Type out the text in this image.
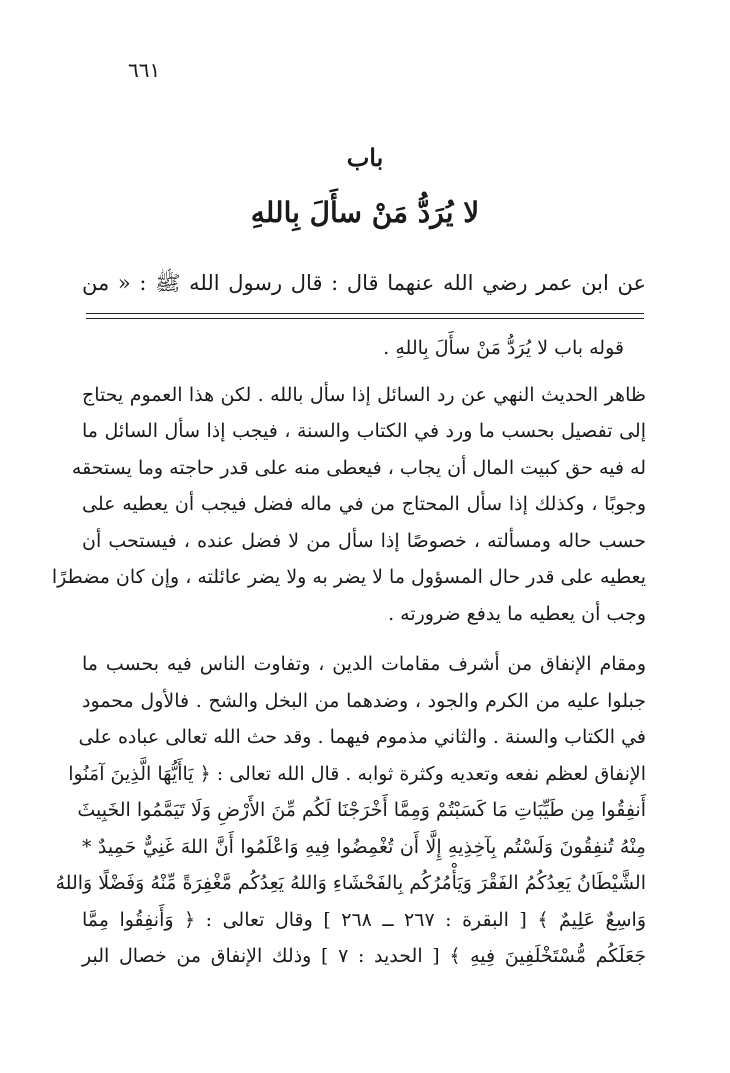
٦٦١
باب
لا يُرَدُّ مَنْ سأَلَ بِاللهِ
عن ابن عمر رضي الله عنهما قال : قال رسول الله ﷺ : « من

قوله باب لا يُرَدُّ مَنْ سأَلَ بِاللهِ .

ظاهر الحديث النهي عن رد السائل إذا سأل بالله . لكن هذا العموم يحتاج
إلى تفصيل بحسب ما ورد في الكتاب والسنة ، فيجب إذا سأل السائل ما
له فيه حق كبيت المال أن يجاب ، فيعطى منه على قدر حاجته وما يستحقه
وجوبًا ، وكذلك إذا سأل المحتاج من في ماله فضل فيجب أن يعطيه على
حسب حاله ومسألته ، خصوصًا إذا سأل من لا فضل عنده ، فيستحب أن
يعطيه على قدر حال المسؤول ما لا يضر به ولا يضر عائلته ، وإن كان مضطرًا
وجب أن يعطيه ما يدفع ضرورته .

ومقام الإنفاق من أشرف مقامات الدين ، وتفاوت الناس فيه بحسب ما
جبلوا عليه من الكرم والجود ، وضدهما من البخل والشح . فالأول محمود
في الكتاب والسنة . والثاني مذموم فيهما . وقد حث الله تعالى عباده على
الإنفاق لعظم نفعه وتعديه وكثرة ثوابه . قال الله تعالى : ﴿ يَاأَيُّهَا الَّذِينَ آمَنُوا
أَنفِقُوا مِن طَيِّبَاتِ مَا كَسَبْتُمْ وَمِمَّا أَخْرَجْنَا لَكُم مِّنَ الأَرْضِ وَلَا تَيَمَّمُوا الخَبِيثَ
مِنْهُ تُنفِقُونَ وَلَسْتُم بِآخِذِيهِ إِلَّا أَن تُغْمِضُوا فِيهِ وَاعْلَمُوا أَنَّ اللهَ غَنِيٌّ حَمِيدٌ *
الشَّيْطَانُ يَعِدُكُمُ الفَقْرَ وَيَأْمُرُكُم بِالفَحْشَاءِ وَاللهُ يَعِدُكُم مَّغْفِرَةً مِّنْهُ وَفَضْلًا وَاللهُ
وَاسِعٌ عَلِيمٌ ﴾ [ البقرة : ٢٦٧ ــ ٢٦٨ ] وقال تعالى : ﴿ وَأَنفِقُوا مِمَّا
جَعَلَكُم مُّسْتَخْلَفِينَ فِيهِ ﴾ [ الحديد : ٧ ] وذلك الإنفاق من خصال البر
